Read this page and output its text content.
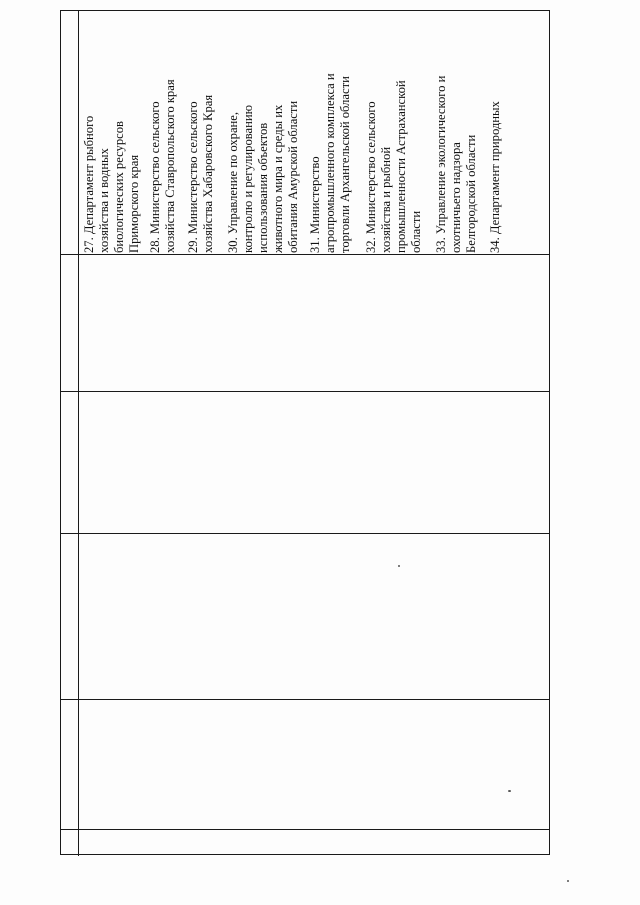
27. Департамент рыбного
хозяйства и водных
биологических ресурсов
Приморского края
28. Министерство сельского
хозяйства Ставропольского края
29. Министерство сельского
хозяйства Хабаровского Края
30. Управление по охране,
контролю и регулированию
использования объектов
животного мира и среды их
обитания Амурской области
31. Министерство
агропромышленного комплекса и
торговли Архангельской области
32. Министерство сельского
хозяйства и рыбной
промышленности Астраханской
области 33. Управление экологического и
охотничьего надзора
Белгородской области 34. Департамент природных
